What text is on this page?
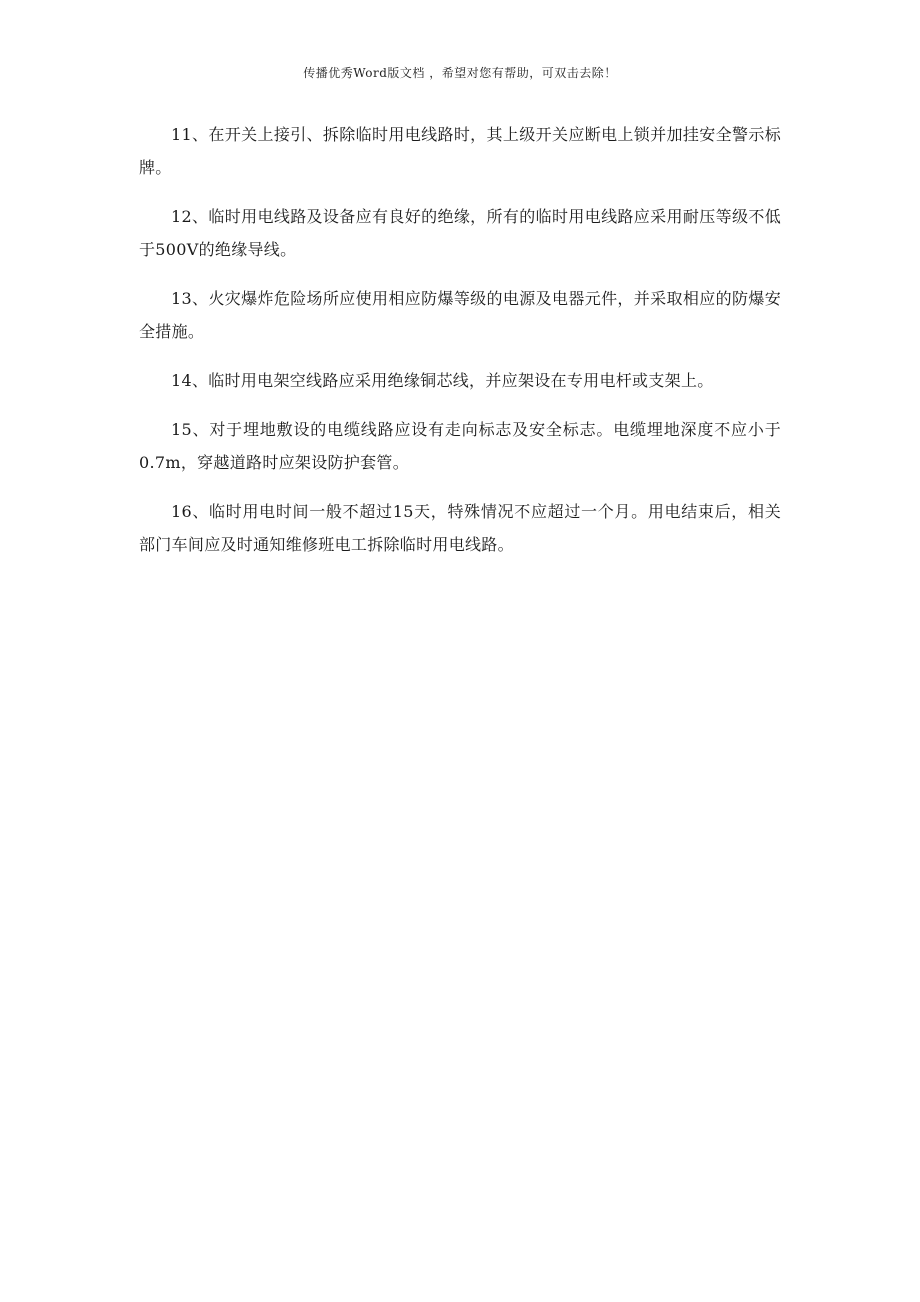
传播优秀Word版文档 ，希望对您有帮助，可双击去除！

11、在开关上接引、拆除临时用电线路时，其上级开关应断电上锁并加挂安全警示标牌。

12、临时用电线路及设备应有良好的绝缘，所有的临时用电线路应采用耐压等级不低于500V的绝缘导线。

13、火灾爆炸危险场所应使用相应防爆等级的电源及电器元件，并采取相应的防爆安全措施。

14、临时用电架空线路应采用绝缘铜芯线，并应架设在专用电杆或支架上。

15、对于埋地敷设的电缆线路应设有走向标志及安全标志。电缆埋地深度不应小于0.7m，穿越道路时应架设防护套管。

16、临时用电时间一般不超过15天，特殊情况不应超过一个月。用电结束后，相关部门车间应及时通知维修班电工拆除临时用电线路。
